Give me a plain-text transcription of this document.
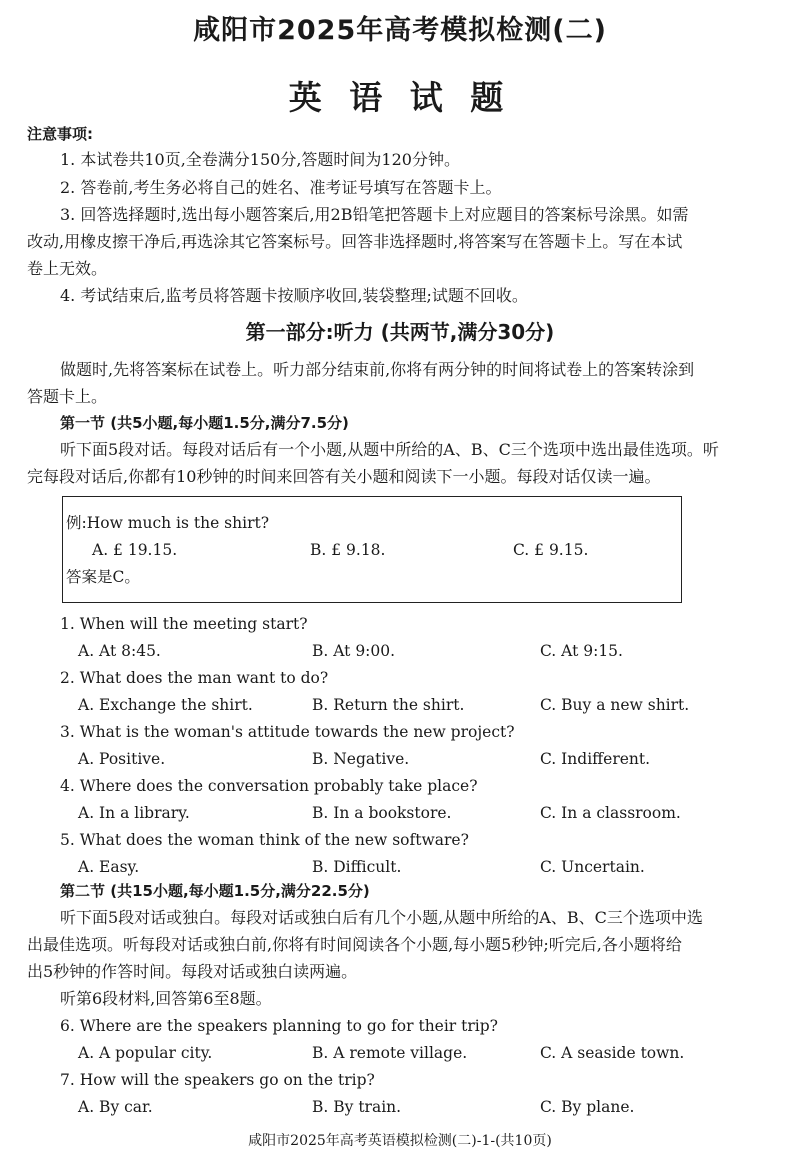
咸阳市2025年高考模拟检测(二)
英 语 试 题
注意事项:
1. 本试卷共10页,全卷满分150分,答题时间为120分钟。
2. 答卷前,考生务必将自己的姓名、准考证号填写在答题卡上。
3. 回答选择题时,选出每小题答案后,用2B铅笔把答题卡上对应题目的答案标号涂黑。如需
改动,用橡皮擦干净后,再选涂其它答案标号。回答非选择题时,将答案写在答题卡上。写在本试
卷上无效。
4. 考试结束后,监考员将答题卡按顺序收回,装袋整理;试题不回收。
第一部分:听力 (共两节,满分30分)
做题时,先将答案标在试卷上。听力部分结束前,你将有两分钟的时间将试卷上的答案转涂到
答题卡上。
第一节 (共5小题,每小题1.5分,满分7.5分)
听下面5段对话。每段对话后有一个小题,从题中所给的A、B、C三个选项中选出最佳选项。听
完每段对话后,你都有10秒钟的时间来回答有关小题和阅读下一小题。每段对话仅读一遍。
例:How much is the shirt?
A. £ 19.15.	B. £ 9.18.	C. £ 9.15.
答案是C。
1. When will the meeting start?
A. At 8:45.	B. At 9:00.	C. At 9:15.
2. What does the man want to do?
A. Exchange the shirt.	B. Return the shirt.	C. Buy a new shirt.
3. What is the woman's attitude towards the new project?
A. Positive.	B. Negative.	C. Indifferent.
4. Where does the conversation probably take place?
A. In a library.	B. In a bookstore.	C. In a classroom.
5. What does the woman think of the new software?
A. Easy.	B. Difficult.	C. Uncertain.
第二节 (共15小题,每小题1.5分,满分22.5分)
听下面5段对话或独白。每段对话或独白后有几个小题,从题中所给的A、B、C三个选项中选
出最佳选项。听每段对话或独白前,你将有时间阅读各个小题,每小题5秒钟;听完后,各小题将给
出5秒钟的作答时间。每段对话或独白读两遍。
听第6段材料,回答第6至8题。
6. Where are the speakers planning to go for their trip?
A. A popular city.	B. A remote village.	C. A seaside town.
7. How will the speakers go on the trip?
A. By car.	B. By train.	C. By plane.
咸阳市2025年高考英语模拟检测(二)-1-(共10页)
